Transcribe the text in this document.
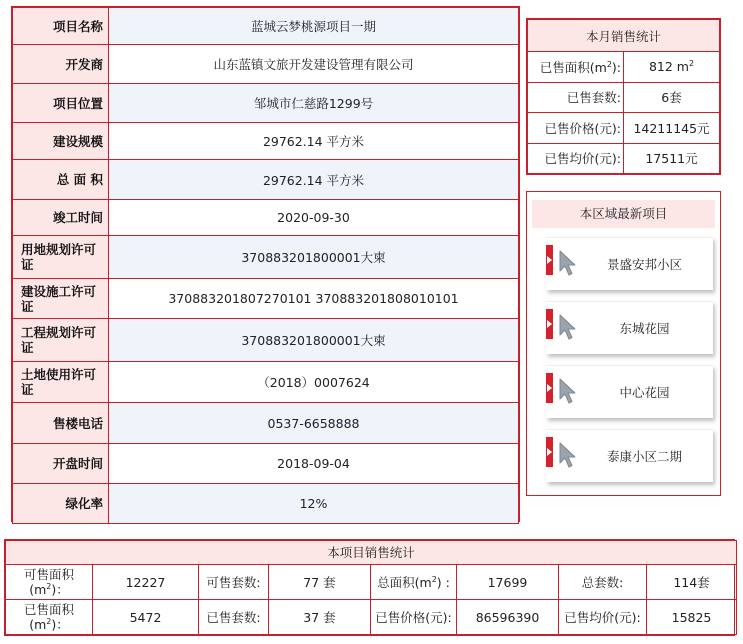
项目名称	蓝城云梦桃源项目一期
开发商	山东蓝镇文旅开发建设管理有限公司
项目位置	邹城市仁慈路1299号
建设规模	29762.14 平方米
总 面 积	29762.14 平方米
竣工时间	2020-09-30
用地规划许可证	370883201800001大柬
建设施工许可证	370883201807270101 370883201808010101
工程规划许可证	370883201800001大柬
土地使用许可证	（2018）0007624
售楼电话	0537-6658888
开盘时间	2018-09-04
绿化率	12%
本月销售统计	
已售面积$(m^2)$:	812 $m^2$
已售套数:	6套
已售价格(元):	14211145元
已售均价(元):	17511元
本区域最新项目
景盛安邦小区
东城花园
中心花园
泰康小区二期
本项目销售统计							
可售面积$(m^2)$：	12227	可售套数:	77 套	总面积$(m^2)$ :	17699	总套数:	114套
已售面积$(m^2)$：	5472	已售套数:	37 套	已售价格(元):	86596390	已售均价(元):	15825
